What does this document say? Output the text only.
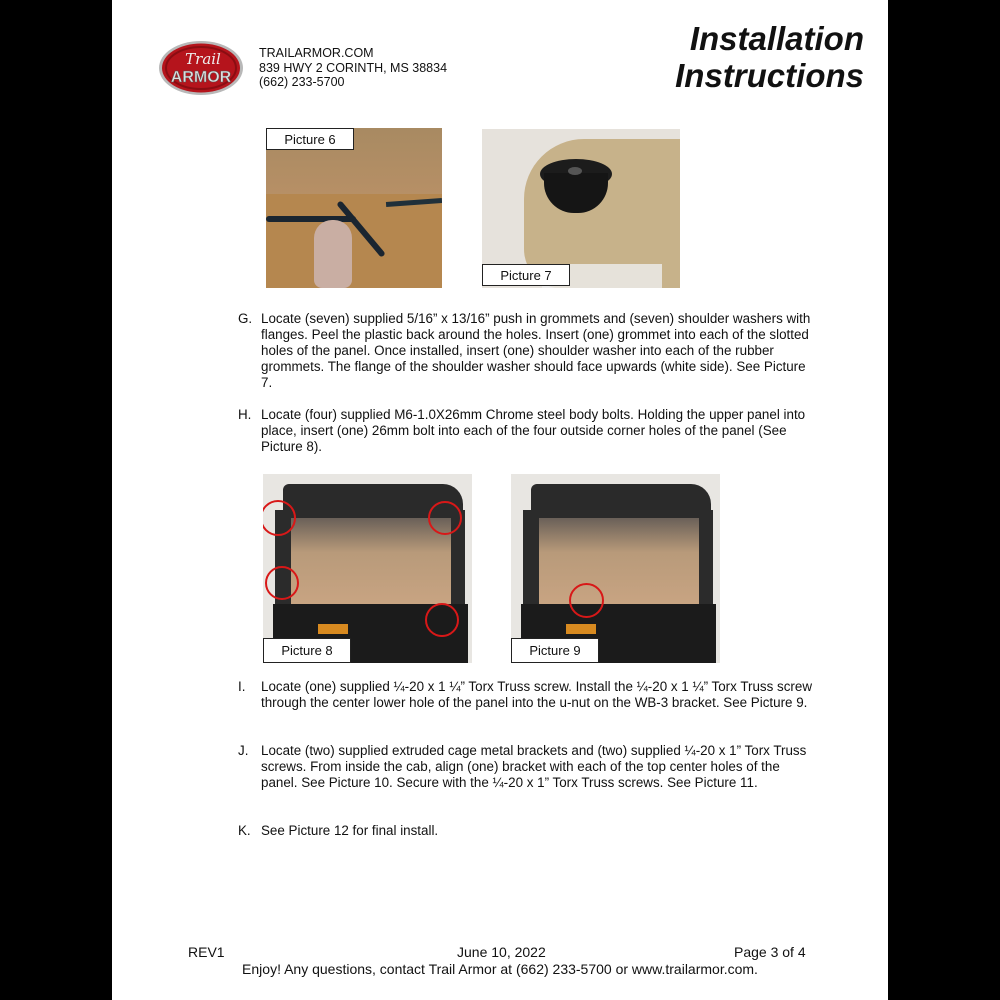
Trail
ARMOR
TRAILARMOR.COM
839 HWY 2 CORINTH, MS 38834
(662) 233-5700
Installation
Instructions
Picture 6
Picture 7
Picture 8	Picture 9
G. Locate (seven) supplied 5/16” x 13/16” push in grommets and (seven) shoulder washers with flanges. Peel the plastic back around the holes. Insert (one) grommet into each of the slotted holes of the panel. Once installed, insert (one) shoulder washer into each of the rubber grommets. The flange of the shoulder washer should face upwards (white side). See Picture 7.
H. Locate (four) supplied M6-1.0X26mm Chrome steel body bolts. Holding the upper panel into place, insert (one) 26mm bolt into each of the four outside corner holes of the panel (See Picture 8).
I. Locate (one) supplied ¼-20 x 1 ¼” Torx Truss screw. Install the ¼-20 x 1 ¼” Torx Truss screw through the center lower hole of the panel into the u-nut on the WB-3 bracket. See Picture 9.
J. Locate (two) supplied extruded cage metal brackets and (two) supplied ¼-20 x 1” Torx Truss screws. From inside the cab, align (one) bracket with each of the top center holes of the panel. See Picture 10. Secure with the ¼-20 x 1” Torx Truss screws. See Picture 11.
K. See Picture 12 for final install.
REV1	June 10, 2022	Page 3 of 4
Enjoy! Any questions, contact Trail Armor at (662) 233-5700 or www.trailarmor.com.
